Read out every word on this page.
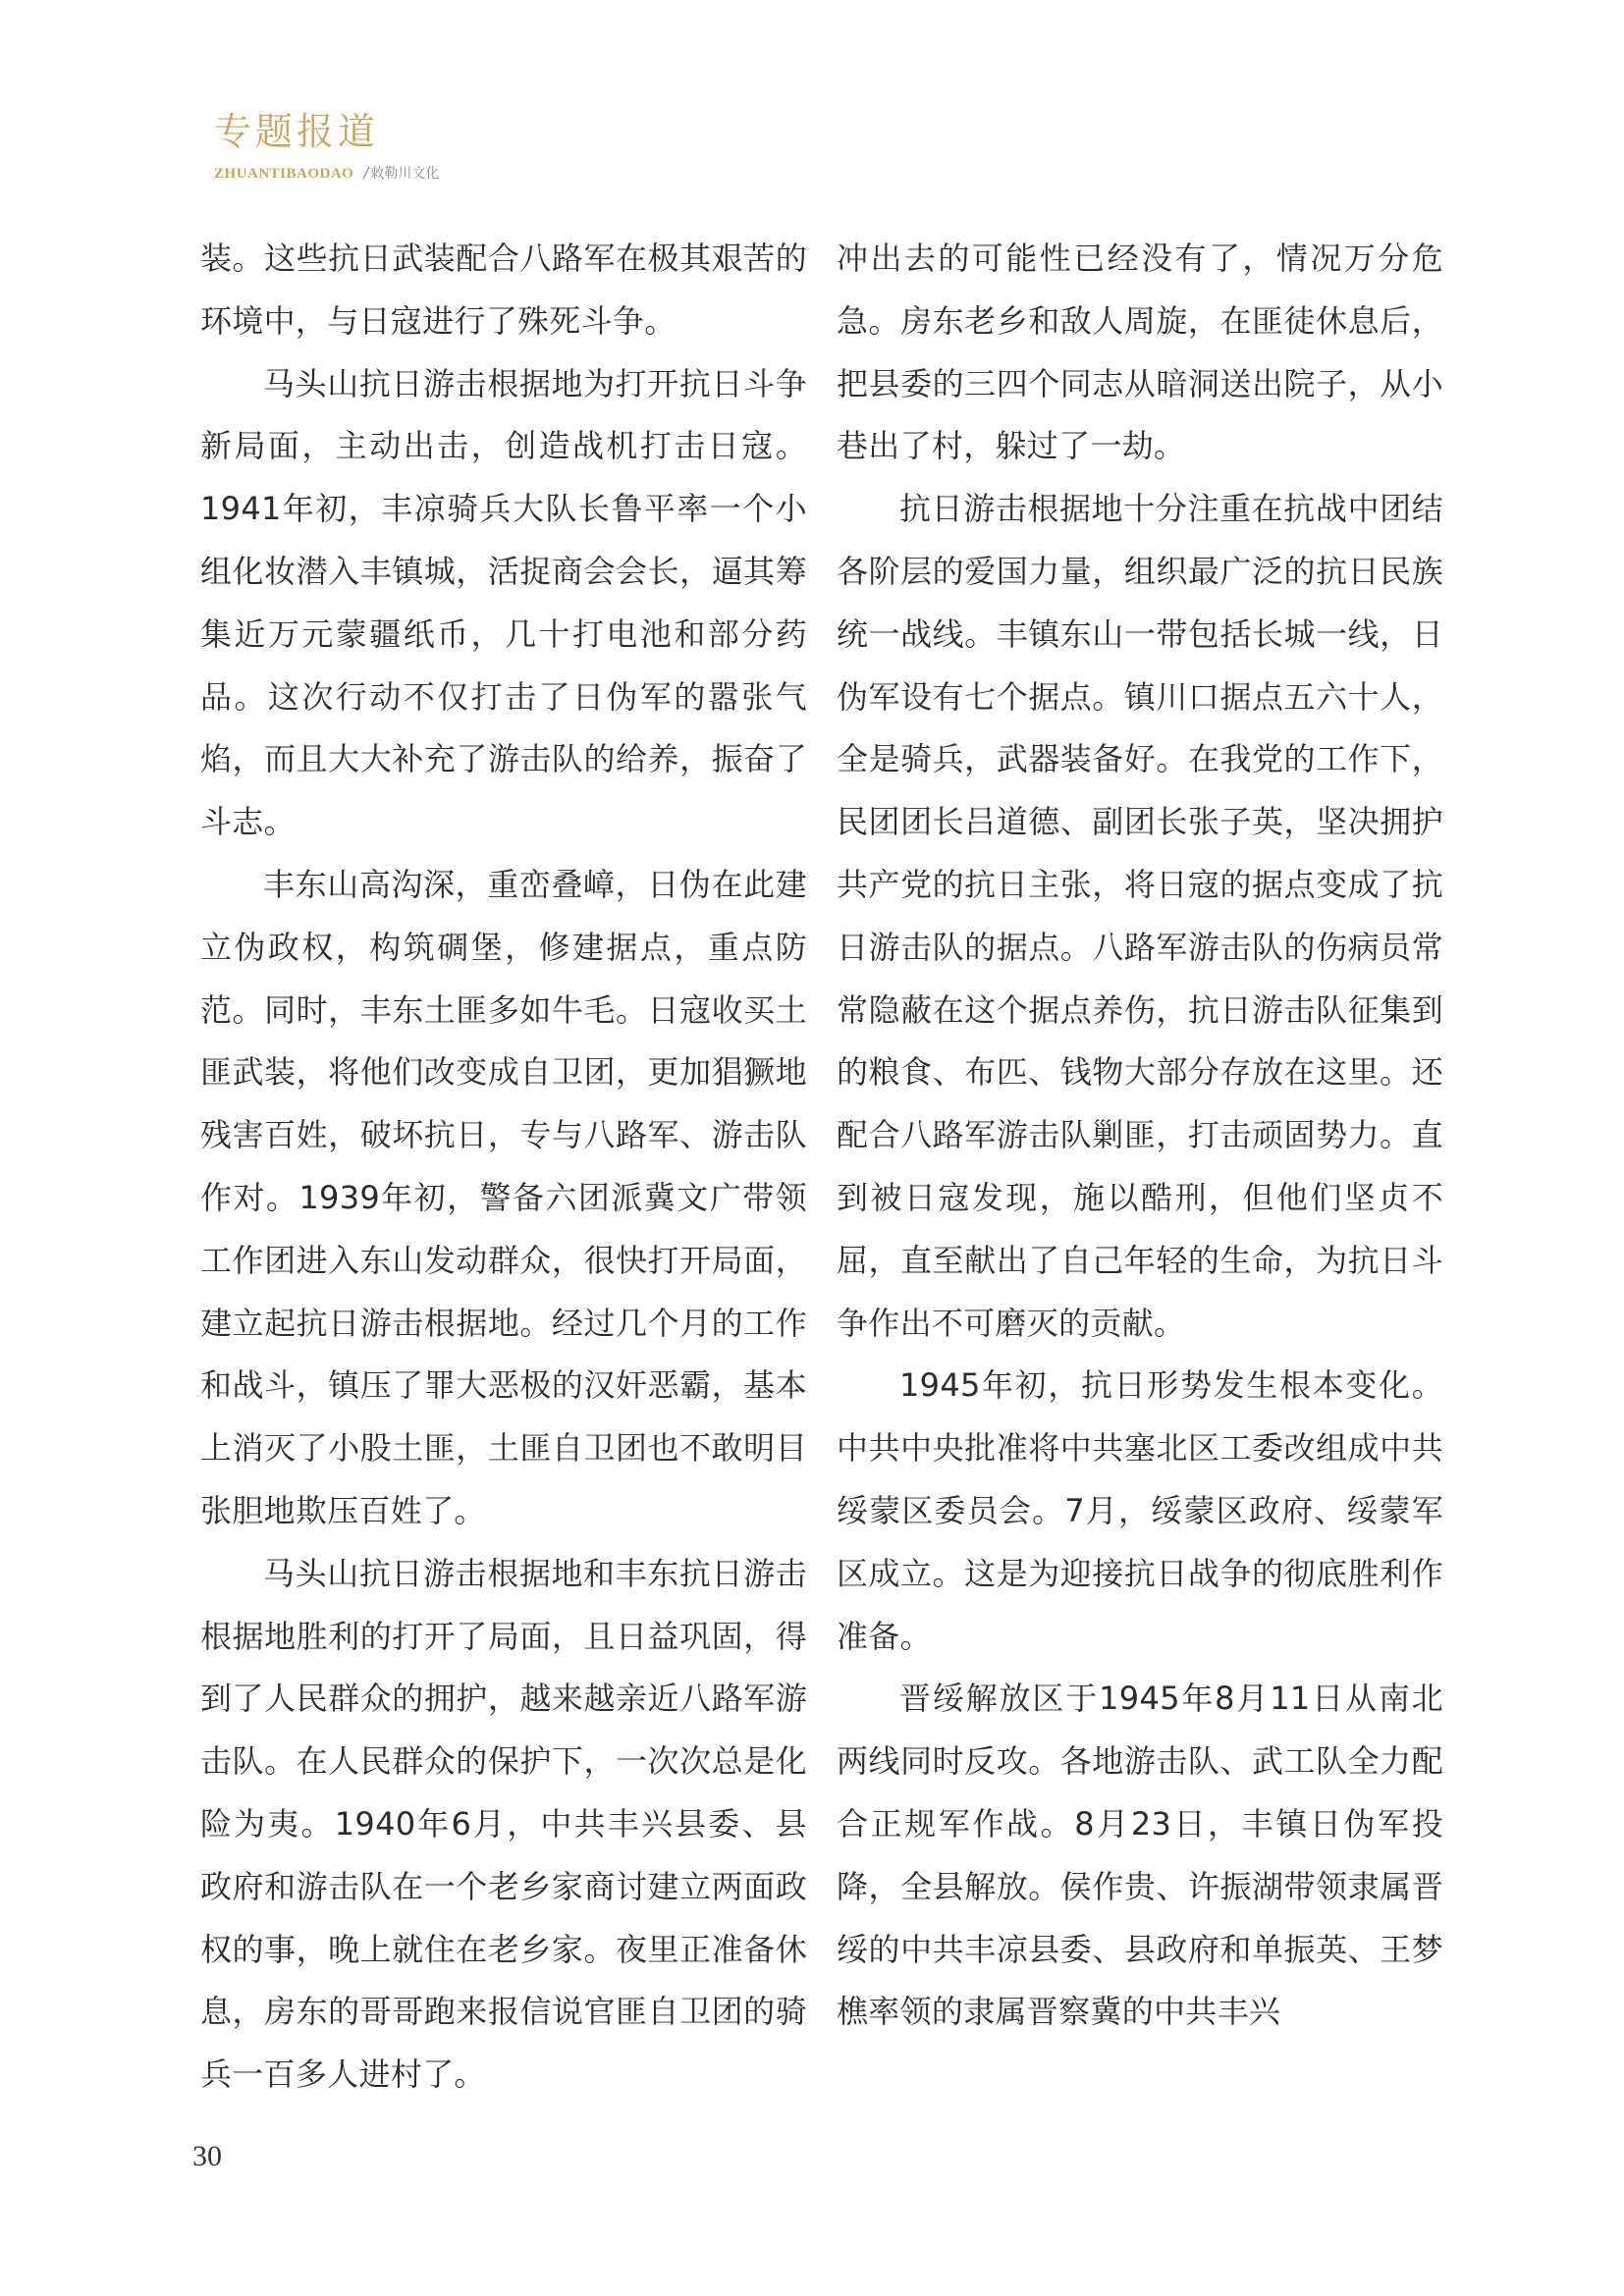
专题报道
ZHUANTIBAODAO / 敕勒川文化

装。这些抗日武装配合八路军在极其艰苦的环境中，与日寇进行了殊死斗争。

马头山抗日游击根据地为打开抗日斗争新局面，主动出击，创造战机打击日寇。1941年初，丰凉骑兵大队长鲁平率一个小组化妆潜入丰镇城，活捉商会会长，逼其筹集近万元蒙疆纸币，几十打电池和部分药品。这次行动不仅打击了日伪军的嚣张气焰，而且大大补充了游击队的给养，振奋了斗志。

丰东山高沟深，重峦叠嶂，日伪在此建立伪政权，构筑碉堡，修建据点，重点防范。同时，丰东土匪多如牛毛。日寇收买土匪武装，将他们改变成自卫团，更加猖獗地残害百姓，破坏抗日，专与八路军、游击队作对。1939年初，警备六团派冀文广带领工作团进入东山发动群众，很快打开局面，建立起抗日游击根据地。经过几个月的工作和战斗，镇压了罪大恶极的汉奸恶霸，基本上消灭了小股土匪，土匪自卫团也不敢明目张胆地欺压百姓了。

马头山抗日游击根据地和丰东抗日游击根据地胜利的打开了局面，且日益巩固，得到了人民群众的拥护，越来越亲近八路军游击队。在人民群众的保护下，一次次总是化险为夷。1940年6月，中共丰兴县委、县政府和游击队在一个老乡家商讨建立两面政权的事，晚上就住在老乡家。夜里正准备休息，房东的哥哥跑来报信说官匪自卫团的骑兵一百多人进村了。

冲出去的可能性已经没有了，情况万分危急。房东老乡和敌人周旋，在匪徒休息后，把县委的三四个同志从暗洞送出院子，从小巷出了村，躲过了一劫。

抗日游击根据地十分注重在抗战中团结各阶层的爱国力量，组织最广泛的抗日民族统一战线。丰镇东山一带包括长城一线，日伪军设有七个据点。镇川口据点五六十人，全是骑兵，武器装备好。在我党的工作下，民团团长吕道德、副团长张子英，坚决拥护共产党的抗日主张，将日寇的据点变成了抗日游击队的据点。八路军游击队的伤病员常常隐蔽在这个据点养伤，抗日游击队征集到的粮食、布匹、钱物大部分存放在这里。还配合八路军游击队剿匪，打击顽固势力。直到被日寇发现，施以酷刑，但他们坚贞不屈，直至献出了自己年轻的生命，为抗日斗争作出不可磨灭的贡献。

1945年初，抗日形势发生根本变化。中共中央批准将中共塞北区工委改组成中共绥蒙区委员会。7月，绥蒙区政府、绥蒙军区成立。这是为迎接抗日战争的彻底胜利作准备。

晋绥解放区于1945年8月11日从南北两线同时反攻。各地游击队、武工队全力配合正规军作战。8月23日，丰镇日伪军投降，全县解放。侯作贵、许振湖带领隶属晋绥的中共丰凉县委、县政府和单振英、王梦樵率领的隶属晋察冀的中共丰兴

30
